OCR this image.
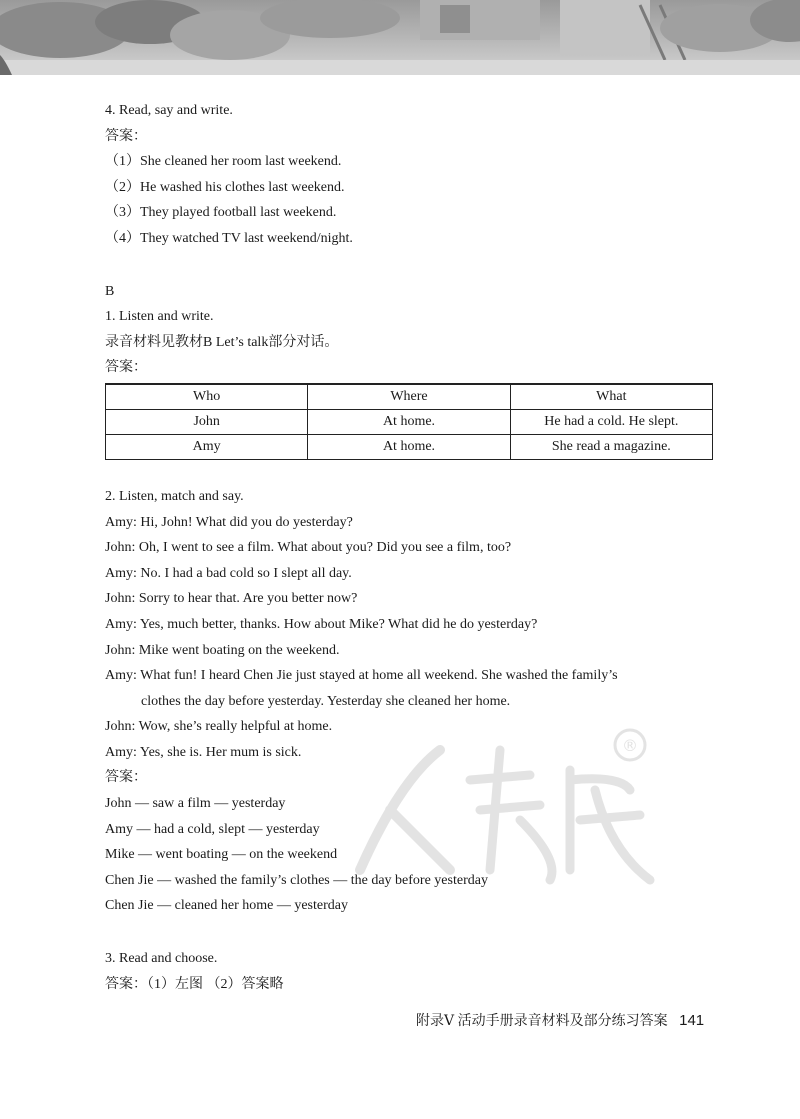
®
4. Read, say and write.
答案：
（1）She cleaned her room last weekend.
（2）He washed his clothes last weekend.
（3）They played football last weekend.
（4）They watched TV last weekend/night.
B
1. Listen and write.
录音材料见教材B Let’s talk部分对话。
答案：
Who	Where	What
John	At home.	He had a cold. He slept.
Amy	At home.	She read a magazine.
2. Listen, match and say.
Amy: Hi, John! What did you do yesterday?
John: Oh, I went to see a film. What about you? Did you see a film, too?
Amy: No. I had a bad cold so I slept all day.
John: Sorry to hear that. Are you better now?
Amy: Yes, much better, thanks. How about Mike? What did he do yesterday?
John: Mike went boating on the weekend.
Amy: What fun! I heard Chen Jie just stayed at home all weekend. She washed the family’s
clothes the day before yesterday. Yesterday she cleaned her home.
John: Wow, she’s really helpful at home.
Amy: Yes, she is. Her mum is sick.
答案：
John — saw a film — yesterday
Amy — had a cold, slept — yesterday
Mike — went boating — on the weekend
Chen Jie — washed the family’s clothes — the day before yesterday
Chen Jie — cleaned her home — yesterday
3. Read and choose.
答案：（1）左图 （2）答案略
附录Ⅴ 活动手册录音材料及部分练习答案 141
